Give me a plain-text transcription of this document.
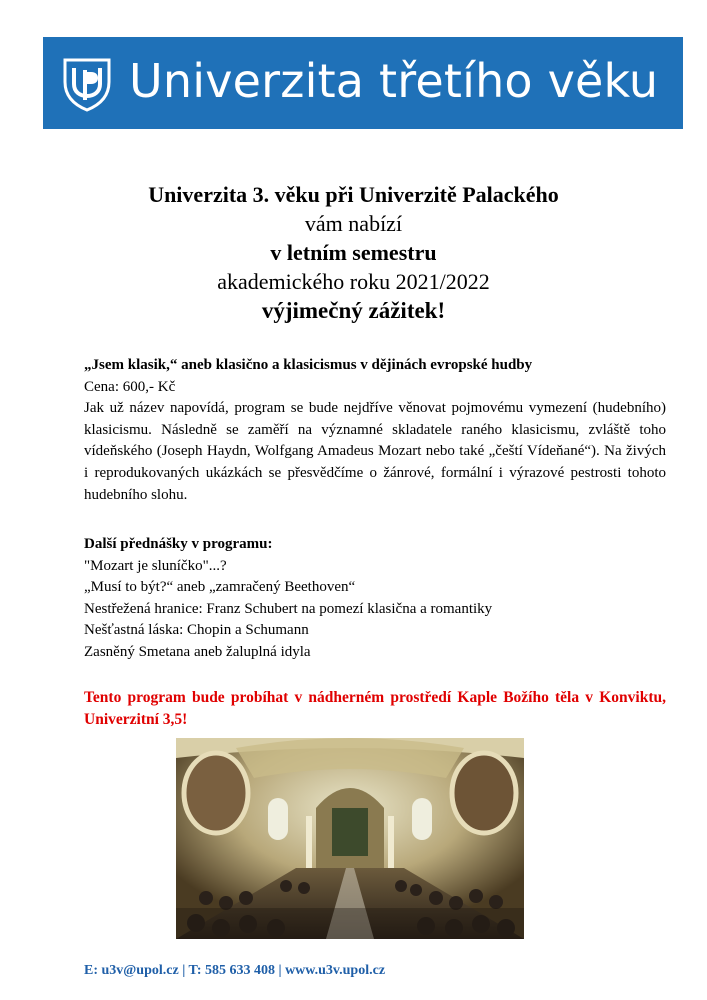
Univerzita třetího věku
Univerzita 3. věku při Univerzitě Palackého
vám nabízí
v letním semestru
akademického roku 2021/2022
výjimečný zážitek!
„Jsem klasik,“ aneb klasično a klasicismus v dějinách evropské hudby
Cena: 600,- Kč
Jak už název napovídá, program se bude nejdříve věnovat pojmovému vymezení (hudebního) klasicismu. Následně se zaměří na významné skladatele raného klasicismu, zvláště toho vídeňského (Joseph Haydn, Wolfgang Amadeus Mozart nebo také „čeští Vídeňané“). Na živých i reprodukovaných ukázkách se přesvědčíme o žánrové, formální i výrazové pestrosti tohoto hudebního slohu.
Další přednášky v programu:
"Mozart je sluníčko"...?
„Musí to být?“ aneb „zamračený Beethoven“
Nestřežená hranice: Franz Schubert na pomezí klasična a romantiky
Nešťastná láska: Chopin a Schumann
Zasněný Smetana aneb žaluplná idyla
Tento program bude probíhat v nádherném prostředí Kaple Božího těla v Konviktu, Univerzitní 3,5!
E: u3v@upol.cz | T: 585 633 408 | www.u3v.upol.cz
